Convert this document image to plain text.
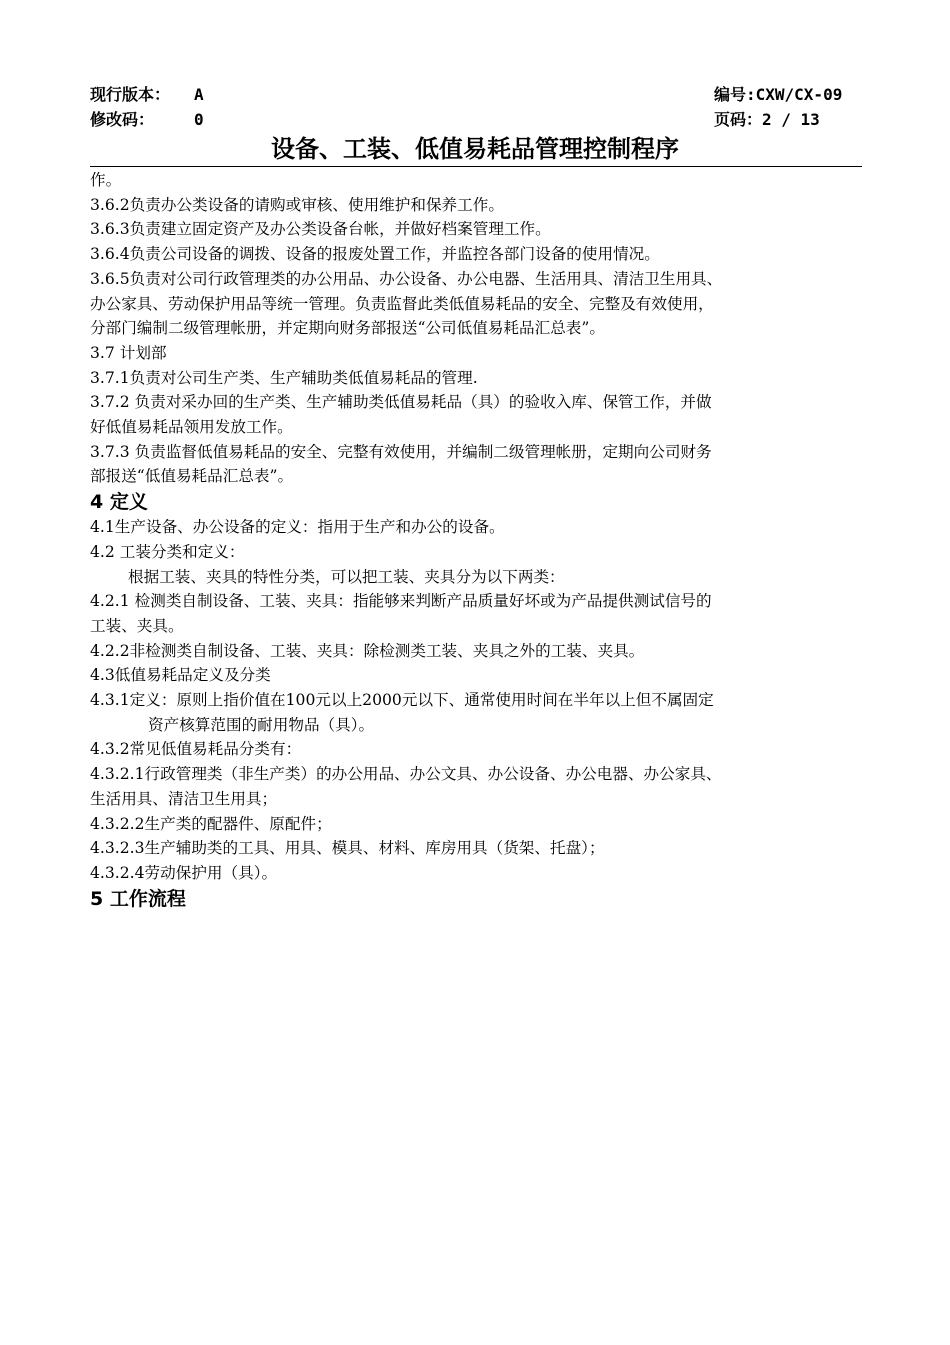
现行版本： A	编号:CXW/CX-09
修改码： 0	页码：2 / 13
设备、工装、低值易耗品管理控制程序
作。
3.6.2负责办公类设备的请购或审核、使用维护和保养工作。
3.6.3负责建立固定资产及办公类设备台帐，并做好档案管理工作。
3.6.4负责公司设备的调拨、设备的报废处置工作，并监控各部门设备的使用情况。
3.6.5负责对公司行政管理类的办公用品、办公设备、办公电器、生活用具、清洁卫生用具、
办公家具、劳动保护用品等统一管理。负责监督此类低值易耗品的安全、完整及有效使用，
分部门编制二级管理帐册，并定期向财务部报送“公司低值易耗品汇总表”。
3.7 计划部
3.7.1负责对公司生产类、生产辅助类低值易耗品的管理.
3.7.2 负责对采办回的生产类、生产辅助类低值易耗品（具）的验收入库、保管工作，并做
好低值易耗品领用发放工作。
3.7.3 负责监督低值易耗品的安全、完整有效使用，并编制二级管理帐册，定期向公司财务
部报送“低值易耗品汇总表”。
4 定义
4.1生产设备、办公设备的定义：指用于生产和办公的设备。
4.2 工装分类和定义：
根据工装、夹具的特性分类，可以把工装、夹具分为以下两类：
4.2.1 检测类自制设备、工装、夹具：指能够来判断产品质量好坏或为产品提供测试信号的
工装、夹具。
4.2.2非检测类自制设备、工装、夹具：除检测类工装、夹具之外的工装、夹具。
4.3低值易耗品定义及分类
4.3.1定义：原则上指价值在100元以上2000元以下、通常使用时间在半年以上但不属固定
资产核算范围的耐用物品（具）。
4.3.2常见低值易耗品分类有：
4.3.2.1行政管理类（非生产类）的办公用品、办公文具、办公设备、办公电器、办公家具、
生活用具、清洁卫生用具；
4.3.2.2生产类的配器件、原配件；
4.3.2.3生产辅助类的工具、用具、模具、材料、库房用具（货架、托盘）；
4.3.2.4劳动保护用（具）。
5 工作流程
